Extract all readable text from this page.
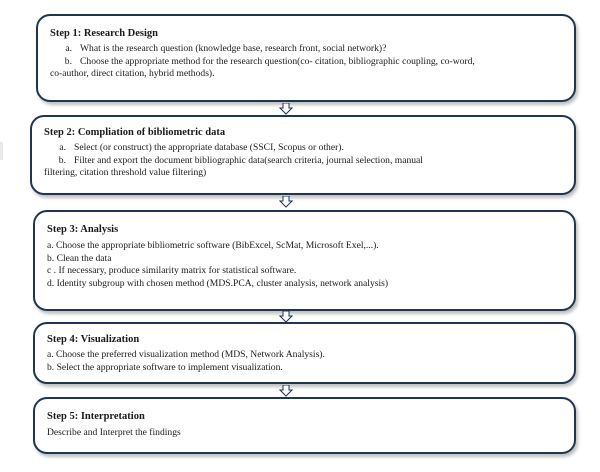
Step 1: Research Design

a. What is the research question (knowledge base, research front, social network)?

b. Choose the appropriate method for the research question(co- citation, bibliographic coupling, co-word,

co-author, direct citation, hybrid methods).

Step 2: Compliation of bibliometric data

a. Select (or construct) the appropriate database (SSCI, Scopus or other).

b. Filter and export the document bibliographic data(search criteria, journal selection, manual

filtering, citation threshold value filtering)

Step 3: Analysis

a. Choose the appropriate bibliometric software (BibExcel, ScMat, Microsoft Exel,...).

b. Clean the data

c . If necessary, produce similarity matrix for statistical software.

d. Identity subgroup with chosen method (MDS.PCA, cluster analysis, network analysis)

Step 4: Visualization

a. Choose the preferred visualization method (MDS, Network Analysis).

b. Select the appropriate software to implement visualization.

Step 5: Interpretation

Describe and Interpret the findings
